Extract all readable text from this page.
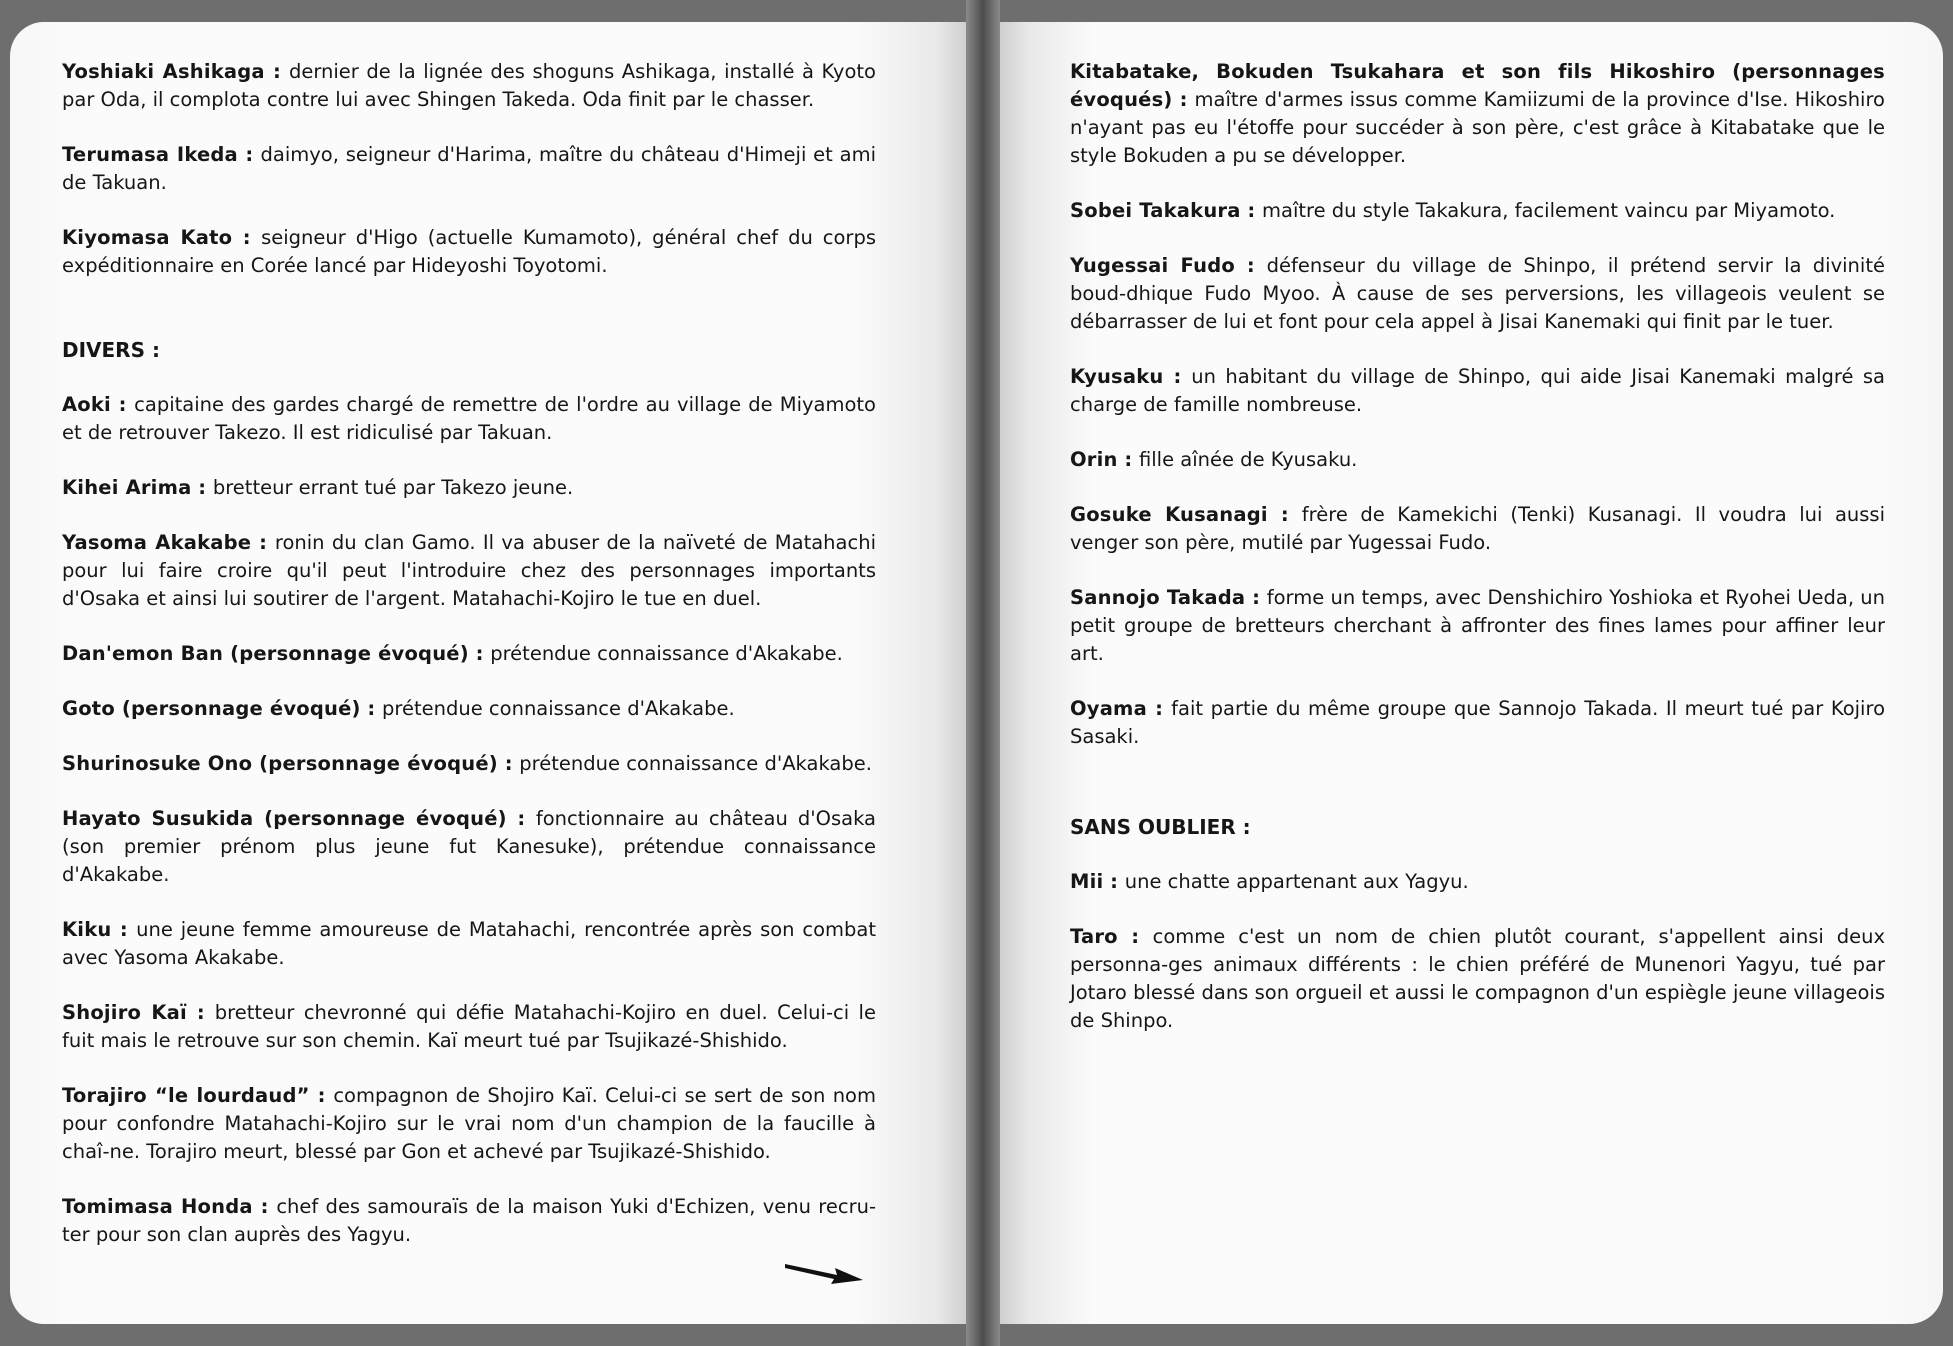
Yoshiaki Ashikaga : dernier de la lignée des shoguns Ashikaga, installé à Kyoto par Oda, il complota contre lui avec Shingen Takeda. Oda finit par le chasser.

Terumasa Ikeda : daimyo, seigneur d'Harima, maître du château d'Himeji et ami de Takuan.

Kiyomasa Kato : seigneur d'Higo (actuelle Kumamoto), général chef du corps expéditionnaire en Corée lancé par Hideyoshi Toyotomi.

DIVERS :

Aoki : capitaine des gardes chargé de remettre de l'ordre au village de Miyamoto et de retrouver Takezo. Il est ridiculisé par Takuan.

Kihei Arima : bretteur errant tué par Takezo jeune.

Yasoma Akakabe : ronin du clan Gamo. Il va abuser de la naïveté de Matahachi pour lui faire croire qu'il peut l'introduire chez des personnages importants d'Osaka et ainsi lui soutirer de l'argent. Matahachi-Kojiro le tue en duel.

Dan'emon Ban (personnage évoqué) : prétendue connaissance d'Akakabe.

Goto (personnage évoqué) : prétendue connaissance d'Akakabe.

Shurinosuke Ono (personnage évoqué) : prétendue connaissance d'Akakabe.

Hayato Susukida (personnage évoqué) : fonctionnaire au château d'Osaka (son premier prénom plus jeune fut Kanesuke), prétendue connaissance d'Akakabe.

Kiku : une jeune femme amoureuse de Matahachi, rencontrée après son combat avec Yasoma Akakabe.

Shojiro Kaï : bretteur chevronné qui défie Matahachi-Kojiro en duel. Celui-ci le fuit mais le retrouve sur son chemin. Kaï meurt tué par Tsujikazé-Shishido.

Torajiro “le lourdaud” : compagnon de Shojiro Kaï. Celui-ci se sert de son nom pour confondre Matahachi-Kojiro sur le vrai nom d'un champion de la faucille à chaî-ne. Torajiro meurt, blessé par Gon et achevé par Tsujikazé-Shishido.

Tomimasa Honda : chef des samouraïs de la maison Yuki d'Echizen, venu recru-ter pour son clan auprès des Yagyu.

Kitabatake, Bokuden Tsukahara et son fils Hikoshiro (personnages évoqués) : maître d'armes issus comme Kamiizumi de la province d'Ise. Hikoshiro n'ayant pas eu l'étoffe pour succéder à son père, c'est grâce à Kitabatake que le style Bokuden a pu se développer.

Sobei Takakura : maître du style Takakura, facilement vaincu par Miyamoto.

Yugessai Fudo : défenseur du village de Shinpo, il prétend servir la divinité boud-dhique Fudo Myoo. À cause de ses perversions, les villageois veulent se débarrasser de lui et font pour cela appel à Jisai Kanemaki qui finit par le tuer.

Kyusaku : un habitant du village de Shinpo, qui aide Jisai Kanemaki malgré sa charge de famille nombreuse.

Orin : fille aînée de Kyusaku.

Gosuke Kusanagi : frère de Kamekichi (Tenki) Kusanagi. Il voudra lui aussi venger son père, mutilé par Yugessai Fudo.

Sannojo Takada : forme un temps, avec Denshichiro Yoshioka et Ryohei Ueda, un petit groupe de bretteurs cherchant à affronter des fines lames pour affiner leur art.

Oyama : fait partie du même groupe que Sannojo Takada. Il meurt tué par Kojiro Sasaki.

SANS OUBLIER :

Mii : une chatte appartenant aux Yagyu.

Taro : comme c'est un nom de chien plutôt courant, s'appellent ainsi deux personna-ges animaux différents : le chien préféré de Munenori Yagyu, tué par Jotaro blessé dans son orgueil et aussi le compagnon d'un espiègle jeune villageois de Shinpo.
